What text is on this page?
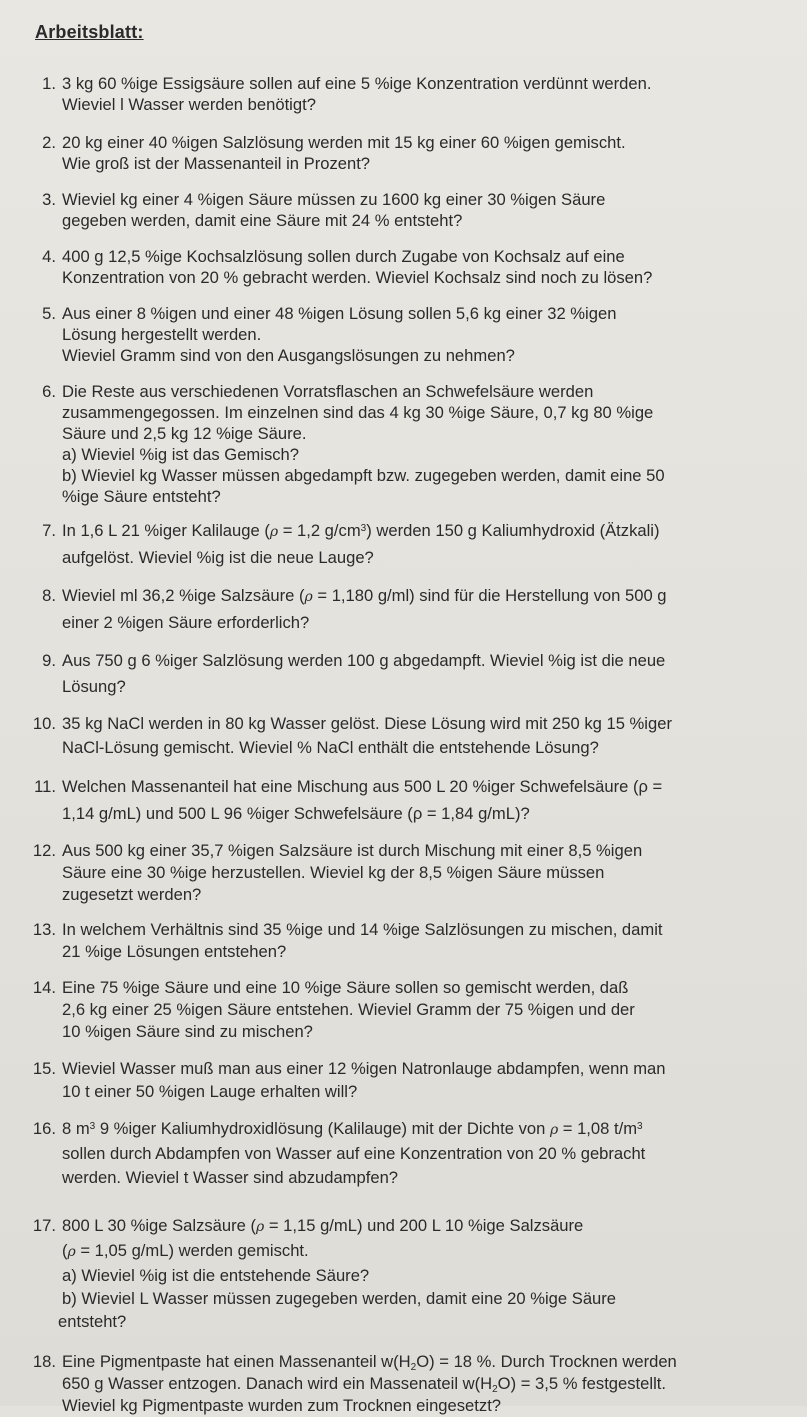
Arbeitsblatt:
1. 3 kg 60 %ige Essigsäure sollen auf eine 5 %ige Konzentration verdünnt werden.
Wieviel l Wasser werden benötigt?
2. 20 kg einer 40 %igen Salzlösung werden mit 15 kg einer 60 %igen gemischt.
Wie groß ist der Massenanteil in Prozent?
3. Wieviel kg einer 4 %igen Säure müssen zu 1600 kg einer 30 %igen Säure
gegeben werden, damit eine Säure mit 24 % entsteht?
4. 400 g 12,5 %ige Kochsalzlösung sollen durch Zugabe von Kochsalz auf eine
Konzentration von 20 % gebracht werden. Wieviel Kochsalz sind noch zu lösen?
5. Aus einer 8 %igen und einer 48 %igen Lösung sollen 5,6 kg einer 32 %igen
Lösung hergestellt werden.
Wieviel Gramm sind von den Ausgangslösungen zu nehmen?
6. Die Reste aus verschiedenen Vorratsflaschen an Schwefelsäure werden
zusammengegossen. Im einzelnen sind das 4 kg 30 %ige Säure, 0,7 kg 80 %ige
Säure und 2,5 kg 12 %ige Säure.
a) Wieviel %ig ist das Gemisch?
b) Wieviel kg Wasser müssen abgedampft bzw. zugegeben werden, damit eine 50
%ige Säure entsteht?
7. In 1,6 L 21 %iger Kalilauge (ρ = 1,2 $g/cm^3$) werden 150 g Kaliumhydroxid (Ätzkali)
aufgelöst. Wieviel %ig ist die neue Lauge?
8. Wieviel ml 36,2 %ige Salzsäure (ρ = 1,180 g/ml) sind für die Herstellung von 500 g
einer 2 %igen Säure erforderlich?
9. Aus 750 g 6 %iger Salzlösung werden 100 g abgedampft. Wieviel %ig ist die neue
Lösung?
10. 35 kg NaCl werden in 80 kg Wasser gelöst. Diese Lösung wird mit 250 kg 15 %iger
NaCl-Lösung gemischt. Wieviel % NaCl enthält die entstehende Lösung?
11. Welchen Massenanteil hat eine Mischung aus 500 L 20 %iger Schwefelsäure (ρ =
1,14 g/mL) und 500 L 96 %iger Schwefelsäure (ρ = 1,84 g/mL)?
12. Aus 500 kg einer 35,7 %igen Salzsäure ist durch Mischung mit einer 8,5 %igen
Säure eine 30 %ige herzustellen. Wieviel kg der 8,5 %igen Säure müssen
zugesetzt werden?
13. In welchem Verhältnis sind 35 %ige und 14 %ige Salzlösungen zu mischen, damit
21 %ige Lösungen entstehen?
14. Eine 75 %ige Säure und eine 10 %ige Säure sollen so gemischt werden, daß
2,6 kg einer 25 %igen Säure entstehen. Wieviel Gramm der 75 %igen und der
10 %igen Säure sind zu mischen?
15. Wieviel Wasser muß man aus einer 12 %igen Natronlauge abdampfen, wenn man
10 t einer 50 %igen Lauge erhalten will?
16. 8 $m^3$ 9 %iger Kaliumhydroxidlösung (Kalilauge) mit der Dichte von ρ = 1,08 $t/m^3$
sollen durch Abdampfen von Wasser auf eine Konzentration von 20 % gebracht
werden. Wieviel t Wasser sind abzudampfen?
17. 800 L 30 %ige Salzsäure (ρ = 1,15 g/mL) und 200 L 10 %ige Salzsäure
(ρ = 1,05 g/mL) werden gemischt.
a) Wieviel %ig ist die entstehende Säure?
b) Wieviel L Wasser müssen zugegeben werden, damit eine 20 %ige Säure
entsteht?
18. Eine Pigmentpaste hat einen Massenanteil $w(H_2O) = 18$ %. Durch Trocknen werden
650 g Wasser entzogen. Danach wird ein Massenateil $w(H_2O) = 3,5$ % festgestellt.
Wieviel kg Pigmentpaste wurden zum Trocknen eingesetzt?
